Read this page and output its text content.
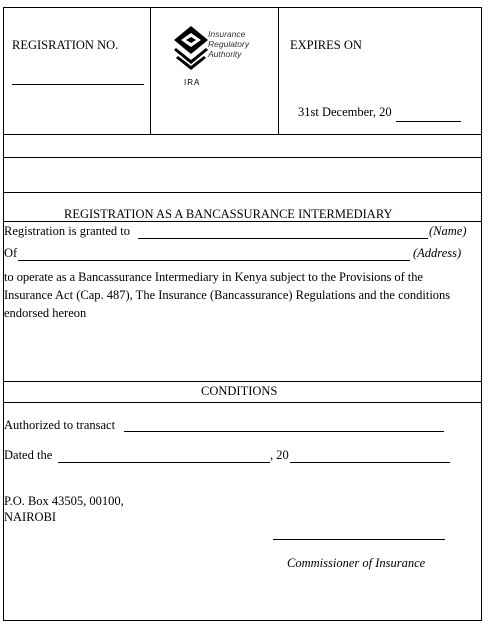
REGISRATION NO.
Insurance
Regulatory
Authority
IRA
EXPIRES ON
31st December, 20
REGISTRATION AS A BANCASSURANCE INTERMEDIARY
Registration is granted to	(Name)
Of	(Address)
to operate as a Bancassurance Intermediary in Kenya subject to the Provisions of the
Insurance Act (Cap. 487), The Insurance (Bancassurance) Regulations and the conditions
endorsed hereon
CONDITIONS
Authorized to transact
Dated the	, 20
P.O. Box 43505, 00100,
NAIROBI
Commissioner of Insurance
